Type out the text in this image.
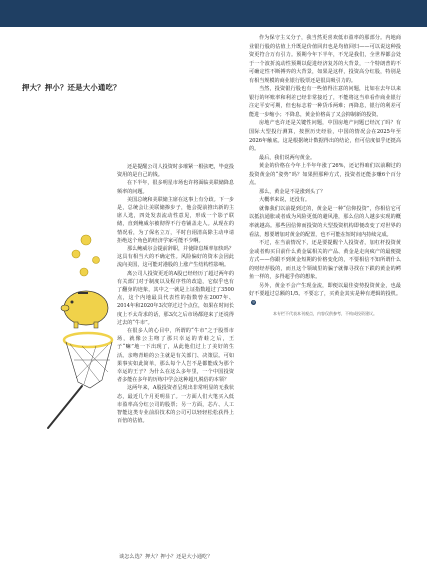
押大？押小？还是大小通吃？

还是提醒公司人投资时多璀紧一根弦吧，毕竟投资用的是自己的钱。

在下半年，很多明星市场也许将面临美联储降息频率的问题。

美国总统和美联储主席在这事上有分歧。下一步是，总统会让美联储掺步子，他会提前推出新的主席人选，四处发表流动性意见，形成一个影子联储，直到鲍威尔被彻得不行卷铺盖走人。从现在的情况看，为了保名立万，平时自诩清高除主动申请拒绝这个角色的经济学家可能不少啊。

那么鲍威尔会提前辞职，并使降息频率加快吗？这具有相当大的不确定性。风险偏好的资本会因此流向美国，这可能对港股的上涨产生结构性影响。

离公司人投资更近的A股已经经历了超过两年的有关部门对于制度以及程序性的改造，它似乎也有了翻身的迹象，其中之一就是上证指数超过了3500点，这个内地最具代表性的指数曾在2007年、2014年和2020年3次穿过过个点位，如果在时间长度上不太苛求的话，那3次之后市场都迎来了还说得过去的“牛市”。

在很多人的心目中，所谓的“牛市”之于股票市场，就像公主吻了那只幸运的青蛙之后，王子“嘛”地一下出现了，从此他们过上了美好的生活。亲吻青蛙的公主就是有关部门、决策层。可如果事实如此简单，那么每个人岂不是都能成为那个幸运的王子？为什么在这么多年里，一个中国投资者多能在多年的历练中学会这种超凡脱俗的本领？

这两年来，A股投资者呈现出非常明显的无我状态，最近几个月更明显了。一方面人们大笔买入低市盈率高分红公司的股票；另一方面，芯片、人工智能这类专业前沿技术的公司可以轻轻松松获得上百倍的估值。

作为保守主义分子，我当然更喜欢低市盈率的那部分。内地商业银行股的估值上升既是价值回归也是均值回归——可以说这种投资更符合万有引力。预期今年下半年，不光是我们，全世界都会处于一个波折流动性预期以促进经济复苏的大背景，一个特朗普的不可确定性不断搏弈的大背景，如果是这样，投资高分红股，特别是有相当规模的商业银行股票还是很具吸引力的。

当然，投资银行股也有一些值得注意的问题，比如在去年以来银行的坏账率和利差已经非常接近了，不能将这当单看作商业银行注定平安可期，但也标志着一种货币两难；再降息，银行的利差可能进一步缩小；不降息，黄金价格高了又会抑制新的投资。

房地产也许还是关键性问题，中国房地产问题已经沉了吗？有国际大型投行测算，按照历史经验，中国的情况会在2025年至2026年触底。这是根据统计数据得出的结论，但可信度似乎还挺高的。

最后，我们说两句黄金。

黄金的价格在今年上半年年涨了26%，还记得咱们以前聊过的投资黄金的“姿势”吗？如果照那种方式，投资者还能多赚6个百分点。

那么，黄金是不是涨到头了？

大概率来说，还没有。

就像我们以前提到过的，黄金是一种“信仰投资”，你相信它可以抵抗通胀或者成为风险更低的避风港，那么信的人越多实现的概率就越高。那些因信仰而投资的大型投资机构即便改变了对世界的看法，想要增加对黄金的配置，也不可能在短时间内持续完成。

不过，在当前情况下，还是要提醒个人投资者，加杠杆投资黄金或者购买目前什么黄金属相关的产品、黄金是走向疯产的最便捷方式——你跟不到黄金短期的价格变化的，不要相信不知所谓什么的财经荐股的，而且这个领域里的骗子就像寻找在下跌的黄金的鳄鱼一样的，多得超乎你的想象。

另外，黄金不会产生现金流，即便以最佳姿势投资黄金，也最好不要超过总额的1/5。不要忘了，买黄金其实是种有逻辑的投机。◎

本专栏不代表本刊观点，内容仅供参考，不构成投资建议。

谈怎么选？押大？押小？还是大小通吃？
